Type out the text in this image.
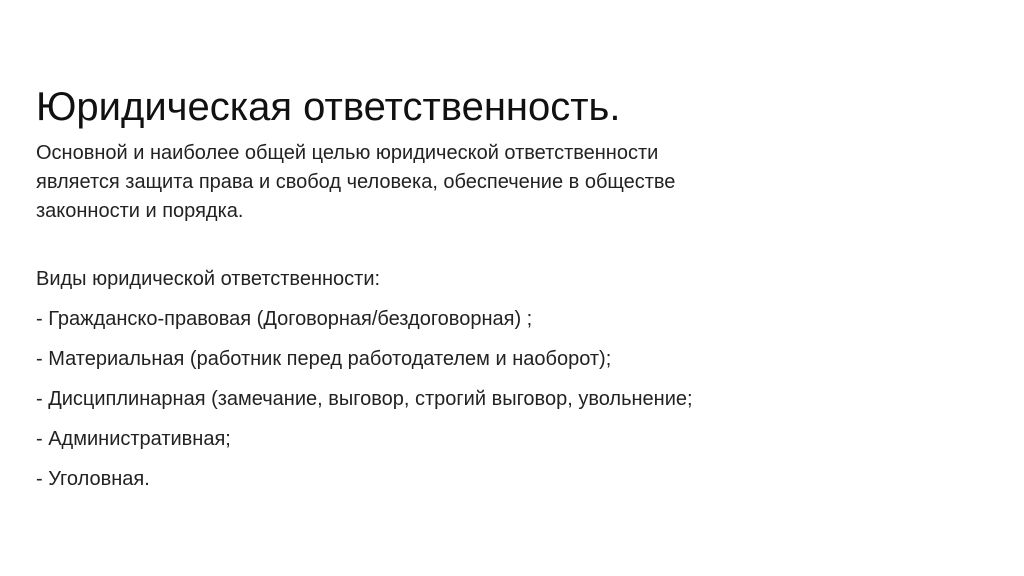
Юридическая ответственность.

Основной и наиболее общей целью юридической ответственности
является защита права и свобод человека, обеспечение в обществе
законности и порядка.

Виды юридической ответственности:

- Гражданско-правовая (Договорная/бездоговорная) ;
- Материальная (работник перед работодателем и наоборот);
- Дисциплинарная (замечание, выговор, строгий выговор, увольнение;
- Административная;
- Уголовная.
